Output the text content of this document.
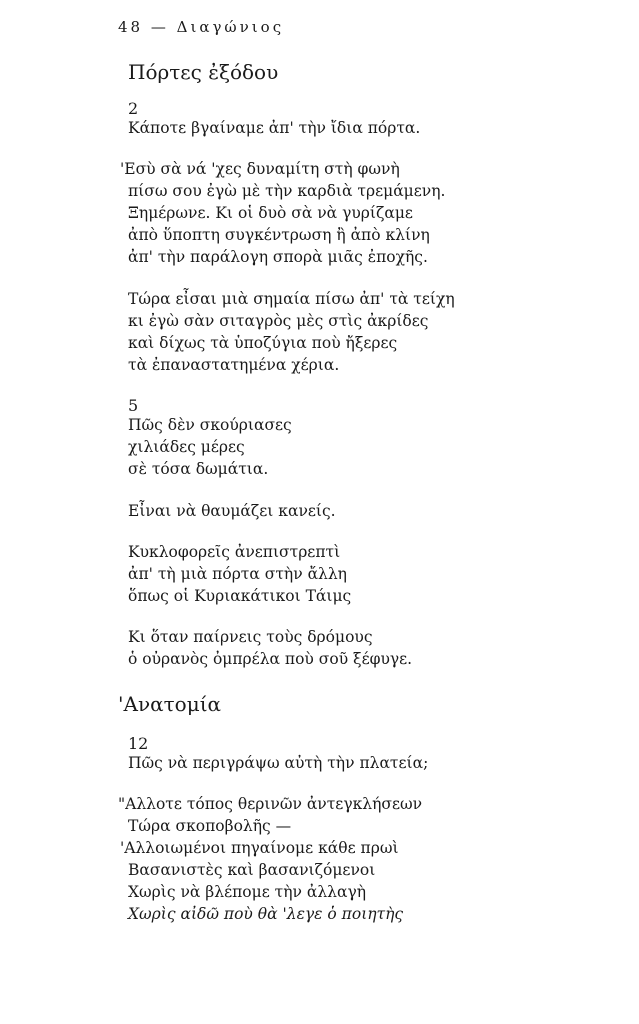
48 — Διαγώνιος
Πόρτες ἐξόδου
2
Κάποτε βγαίναμε ἀπ' τὴν ἴδια πόρτα.
'Εσὺ σὰ νά 'χες δυναμίτη στὴ φωνὴ
πίσω σου ἐγὼ μὲ τὴν καρδιὰ τρεμάμενη.
Ξημέρωνε. Κι οἱ δυὸ σὰ νὰ γυρίζαμε
ἀπὸ ὕποπτη συγκέντρωση ἢ ἀπὸ κλίνη
ἀπ' τὴν παράλογη σπορὰ μιᾶς ἐποχῆς.
Τώρα εἶσαι μιὰ σημαία πίσω ἀπ' τὰ τείχη
κι ἐγὼ σὰν σιταγρὸς μὲς στὶς ἀκρίδες
καὶ δίχως τὰ ὑποζύγια ποὺ ἤξερες
τὰ ἐπαναστατημένα χέρια.
5
Πῶς δὲν σκούριασες
χιλιάδες μέρες
σὲ τόσα δωμάτια.
Εἶναι νὰ θαυμάζει κανείς.
Κυκλοφορεῖς ἀνεπιστρεπτὶ
ἀπ' τὴ μιὰ πόρτα στὴν ἄλλη
ὅπως οἱ Κυριακάτικοι Τάιμς
Κι ὅταν παίρνεις τοὺς δρόμους
ὁ οὐρανὸς ὀμπρέλα ποὺ σοῦ ξέφυγε.
'Ανατομία
12
Πῶς νὰ περιγράψω αὐτὴ τὴν πλατεία;
"Αλλοτε τόπος θερινῶν ἀντεγκλήσεων
Τώρα σκοποβολῆς —
'Αλλοιωμένοι πηγαίνομε κάθε πρωὶ
Βασανιστὲς καὶ βασανιζόμενοι
Χωρὶς νὰ βλέπομε τὴν ἀλλαγὴ
Χωρὶς αἰδῶ ποὺ θὰ 'λεγε ὁ ποιητὴς
